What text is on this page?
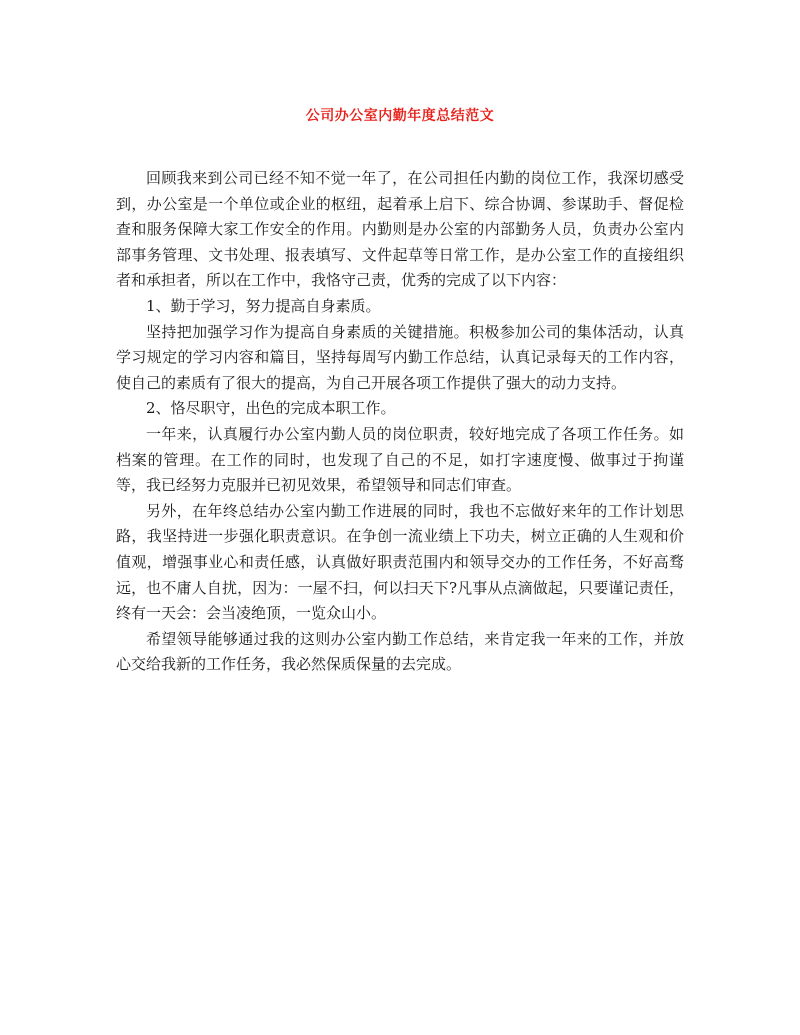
公司办公室内勤年度总结范文

回顾我来到公司已经不知不觉一年了，在公司担任内勤的岗位工作，我深切感受到，办公室是一个单位或企业的枢纽，起着承上启下、综合协调、参谋助手、督促检查和服务保障大家工作安全的作用。内勤则是办公室的内部勤务人员，负责办公室内部事务管理、文书处理、报表填写、文件起草等日常工作，是办公室工作的直接组织者和承担者，所以在工作中，我恪守己责，优秀的完成了以下内容：

1、勤于学习，努力提高自身素质。

坚持把加强学习作为提高自身素质的关键措施。积极参加公司的集体活动，认真学习规定的学习内容和篇目，坚持每周写内勤工作总结，认真记录每天的工作内容，使自己的素质有了很大的提高，为自己开展各项工作提供了强大的动力支持。

2、恪尽职守，出色的完成本职工作。

一年来，认真履行办公室内勤人员的岗位职责，较好地完成了各项工作任务。如档案的管理。在工作的同时，也发现了自己的不足，如打字速度慢、做事过于拘谨等，我已经努力克服并已初见效果，希望领导和同志们审查。

另外，在年终总结办公室内勤工作进展的同时，我也不忘做好来年的工作计划思路，我坚持进一步强化职责意识。在争创一流业绩上下功夫，树立正确的人生观和价值观，增强事业心和责任感，认真做好职责范围内和领导交办的工作任务，不好高骛远，也不庸人自扰，因为：一屋不扫，何以扫天下?凡事从点滴做起，只要谨记责任，终有一天会：会当凌绝顶，一览众山小。

希望领导能够通过我的这则办公室内勤工作总结，来肯定我一年来的工作，并放心交给我新的工作任务，我必然保质保量的去完成。
